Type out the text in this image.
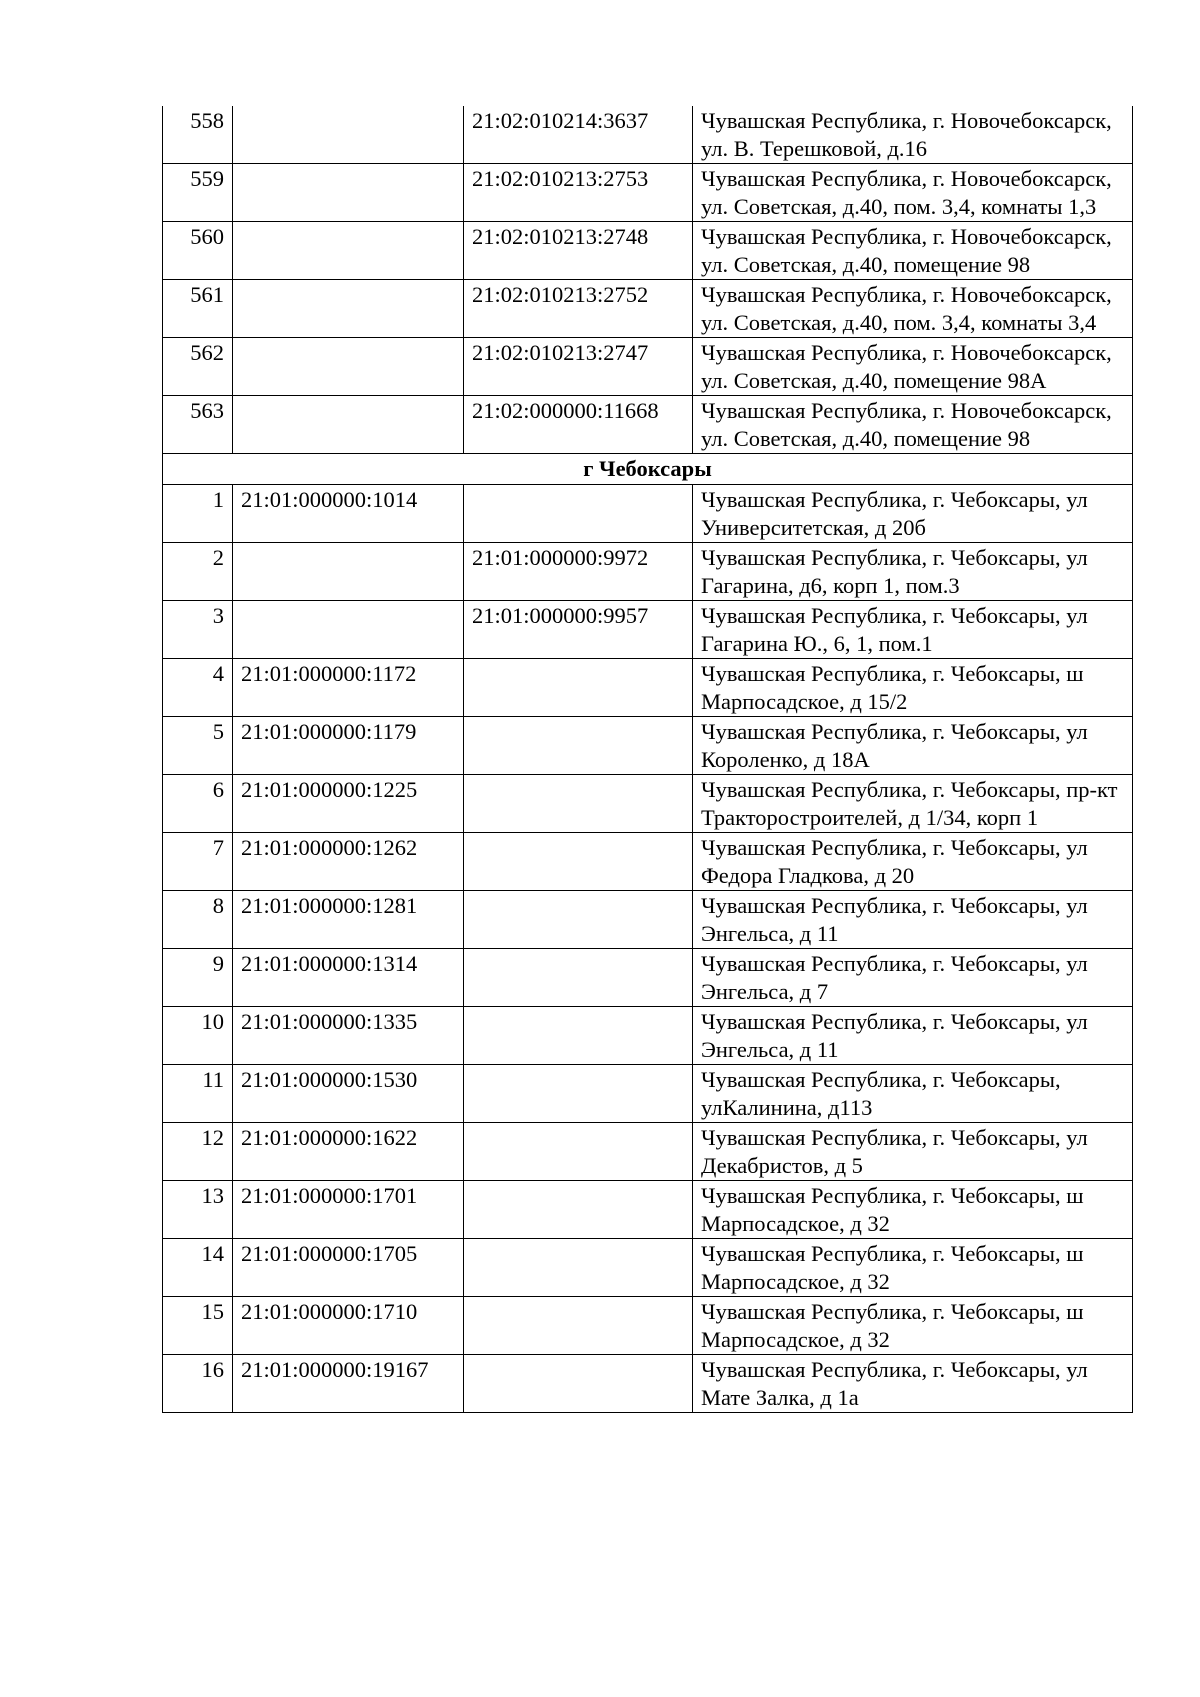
558		21:02:010214:3637	Чувашская Республика, г. Новочебоксарск, ул. В. Терешковой, д.16
559		21:02:010213:2753	Чувашская Республика, г. Новочебоксарск, ул. Советская, д.40, пом. 3,4, комнаты 1,3
560		21:02:010213:2748	Чувашская Республика, г. Новочебоксарск, ул. Советская, д.40, помещение 98
561		21:02:010213:2752	Чувашская Республика, г. Новочебоксарск, ул. Советская, д.40, пом. 3,4, комнаты 3,4
562		21:02:010213:2747	Чувашская Республика, г. Новочебоксарск, ул. Советская, д.40, помещение 98А
563		21:02:000000:11668	Чувашская Республика, г. Новочебоксарск, ул. Советская, д.40, помещение 98
г Чебоксары			
1	21:01:000000:1014		Чувашская Республика, г. Чебоксары, ул Университетская, д 20б
2		21:01:000000:9972	Чувашская Республика, г. Чебоксары, ул Гагарина, д6, корп 1, пом.3
3		21:01:000000:9957	Чувашская Республика, г. Чебоксары, ул Гагарина Ю., 6, 1, пом.1
4	21:01:000000:1172		Чувашская Республика, г. Чебоксары, ш Марпосадское, д 15/2
5	21:01:000000:1179		Чувашская Республика, г. Чебоксары, ул Короленко, д 18А
6	21:01:000000:1225		Чувашская Республика, г. Чебоксары, пр-кт Тракторостроителей, д 1/34, корп 1
7	21:01:000000:1262		Чувашская Республика, г. Чебоксары, ул Федора Гладкова, д 20
8	21:01:000000:1281		Чувашская Республика, г. Чебоксары, ул Энгельса, д 11
9	21:01:000000:1314		Чувашская Республика, г. Чебоксары, ул Энгельса, д 7
10	21:01:000000:1335		Чувашская Республика, г. Чебоксары, ул Энгельса, д 11
11	21:01:000000:1530		Чувашская Республика, г. Чебоксары, улКалинина, д113
12	21:01:000000:1622		Чувашская Республика, г. Чебоксары, ул Декабристов, д 5
13	21:01:000000:1701		Чувашская Республика, г. Чебоксары, ш Марпосадское, д 32
14	21:01:000000:1705		Чувашская Республика, г. Чебоксары, ш Марпосадское, д 32
15	21:01:000000:1710		Чувашская Республика, г. Чебоксары, ш Марпосадское, д 32
16	21:01:000000:19167		Чувашская Республика, г. Чебоксары, ул Мате Залка, д 1а
